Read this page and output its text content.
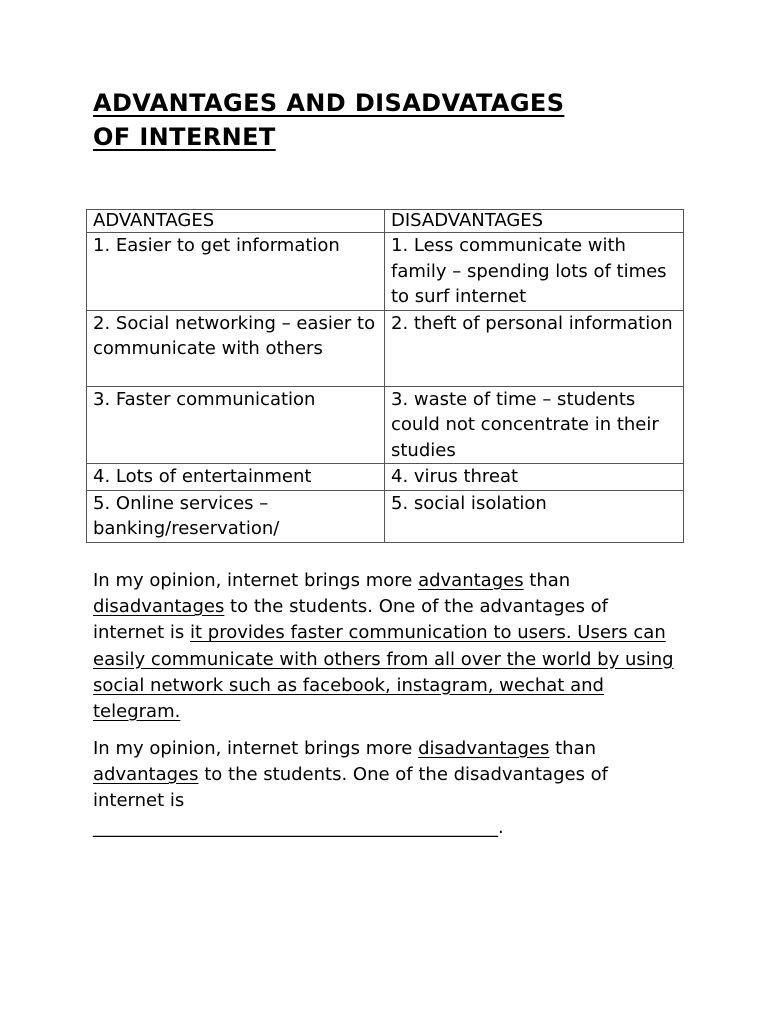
ADVANTAGES AND DISADVATAGES
OF INTERNET
ADVANTAGES	DISADVANTAGES
1. Easier to get information	1. Less communicate with family – spending lots of times to surf internet
2. Social networking – easier to communicate with others	2. theft of personal information
3. Faster communication	3. waste of time – students could not concentrate in their studies
4. Lots of entertainment	4. virus threat
5. Online services – banking/reservation/	5. social isolation

In my opinion, internet brings more advantages than disadvantages to the students. One of the advantages of internet is it provides faster communication to users. Users can easily communicate with others from all over the world by using social network such as facebook, instagram, wechat and telegram.

In my opinion, internet brings more disadvantages than advantages to the students. One of the disadvantages of internet is
_____________________________________________.
